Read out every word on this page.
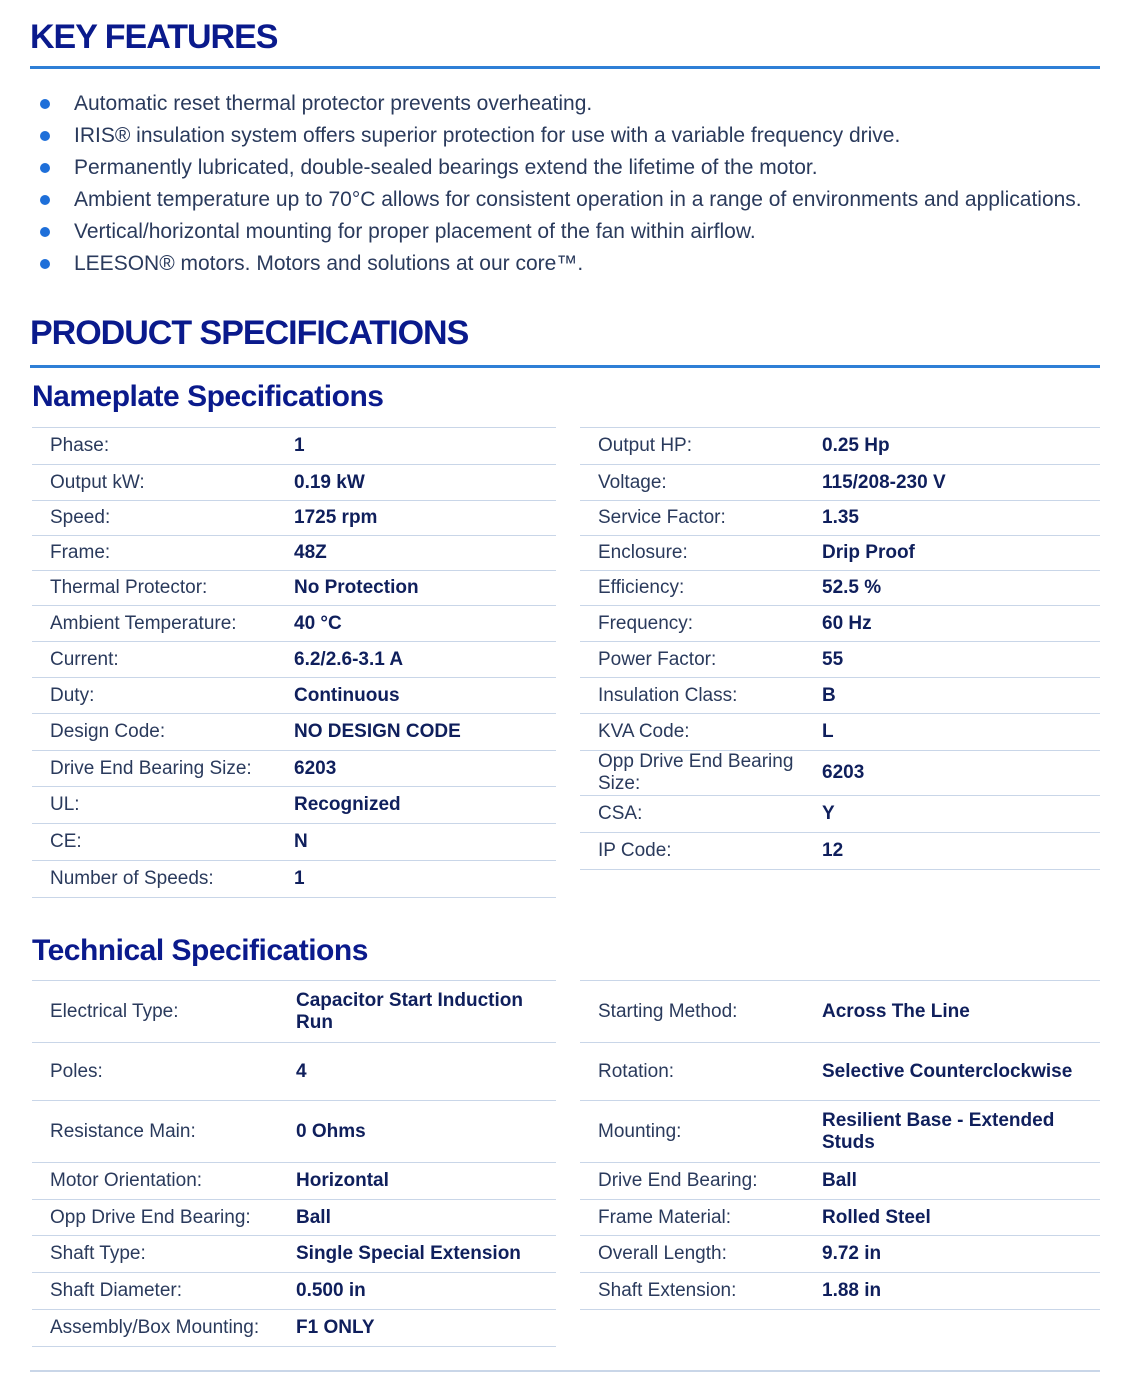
KEY FEATURES
Automatic reset thermal protector prevents overheating.
IRIS® insulation system offers superior protection for use with a variable frequency drive.
Permanently lubricated, double-sealed bearings extend the lifetime of the motor.
Ambient temperature up to 70°C allows for consistent operation in a range of environments and applications.
Vertical/horizontal mounting for proper placement of the fan within airflow.
LEESON® motors. Motors and solutions at our core™.
PRODUCT SPECIFICATIONS
Nameplate Specifications
Phase:	1
Output kW:	0.19 kW
Speed:	1725 rpm
Frame:	48Z
Thermal Protector:	No Protection
Ambient Temperature:	40 °C
Current:	6.2/2.6-3.1 A
Duty:	Continuous
Design Code:	NO DESIGN CODE
Drive End Bearing Size:	6203
UL:	Recognized
CE:	N
Number of Speeds:	1
Output HP:	0.25 Hp
Voltage:	115/208-230 V
Service Factor:	1.35
Enclosure:	Drip Proof
Efficiency:	52.5 %
Frequency:	60 Hz
Power Factor:	55
Insulation Class:	B
KVA Code:	L
Opp Drive End Bearing Size:	6203
CSA:	Y
IP Code:	12
Technical Specifications
Electrical Type:	Capacitor Start Induction Run
Poles:	4
Resistance Main:	0 Ohms
Motor Orientation:	Horizontal
Opp Drive End Bearing:	Ball
Shaft Type:	Single Special Extension
Shaft Diameter:	0.500 in
Assembly/Box Mounting:	F1 ONLY
Starting Method:	Across The Line
Rotation:	Selective Counterclockwise
Mounting:	Resilient Base - Extended Studs
Drive End Bearing:	Ball
Frame Material:	Rolled Steel
Overall Length:	9.72 in
Shaft Extension:	1.88 in
